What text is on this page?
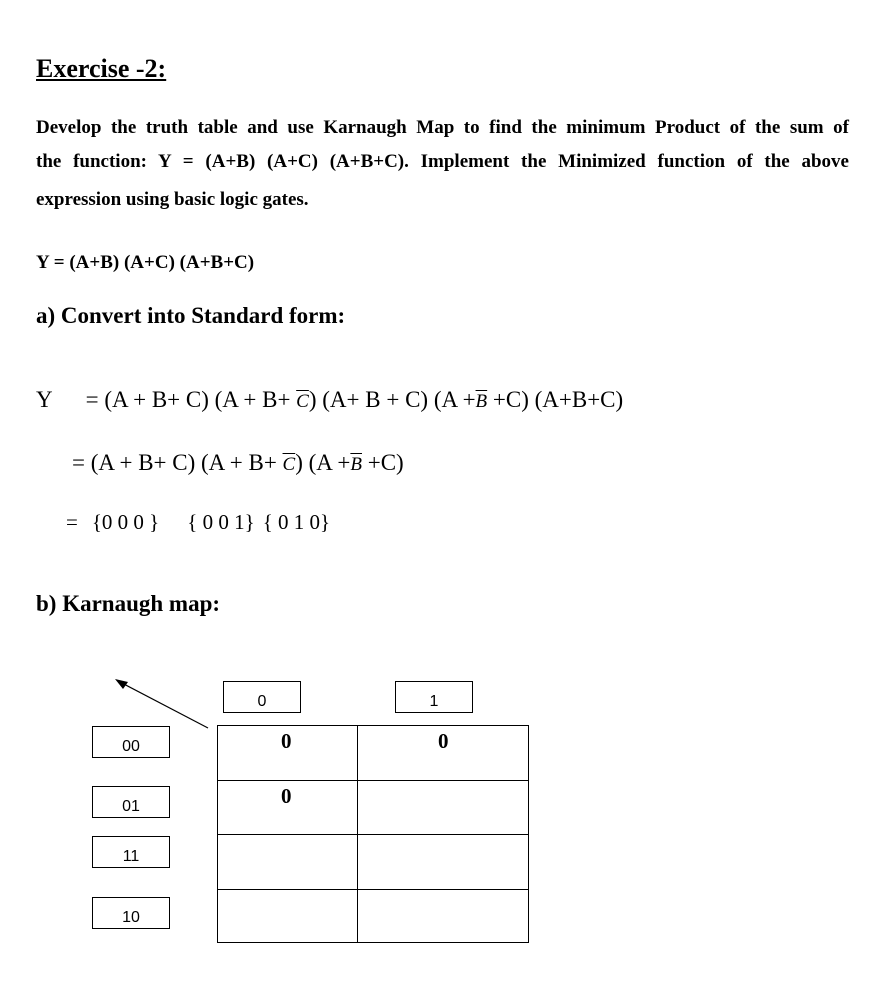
Exercise -2:
Develop the truth table and use Karnaugh Map to find the minimum Product of the sum of
the function: Y = (A+B) (A+C) (A+B+C). Implement the Minimized function of the above
expression using basic logic gates.
Y = (A+B) (A+C) (A+B+C)
a) Convert into Standard form:
Y = (A + B+ C) $(A + B+ \overline{C})$ (A+ B + C) $(A +\overline{B} +C)$ (A+B+C)
= (A + B+ C) $(A + B+ \overline{C})$ $(A +\overline{B} +C)$
= {0 0 0 } { 0 0 1} { 0 1 0}
b) Karnaugh map:
0	1
00
01
11
10
0	0
0
